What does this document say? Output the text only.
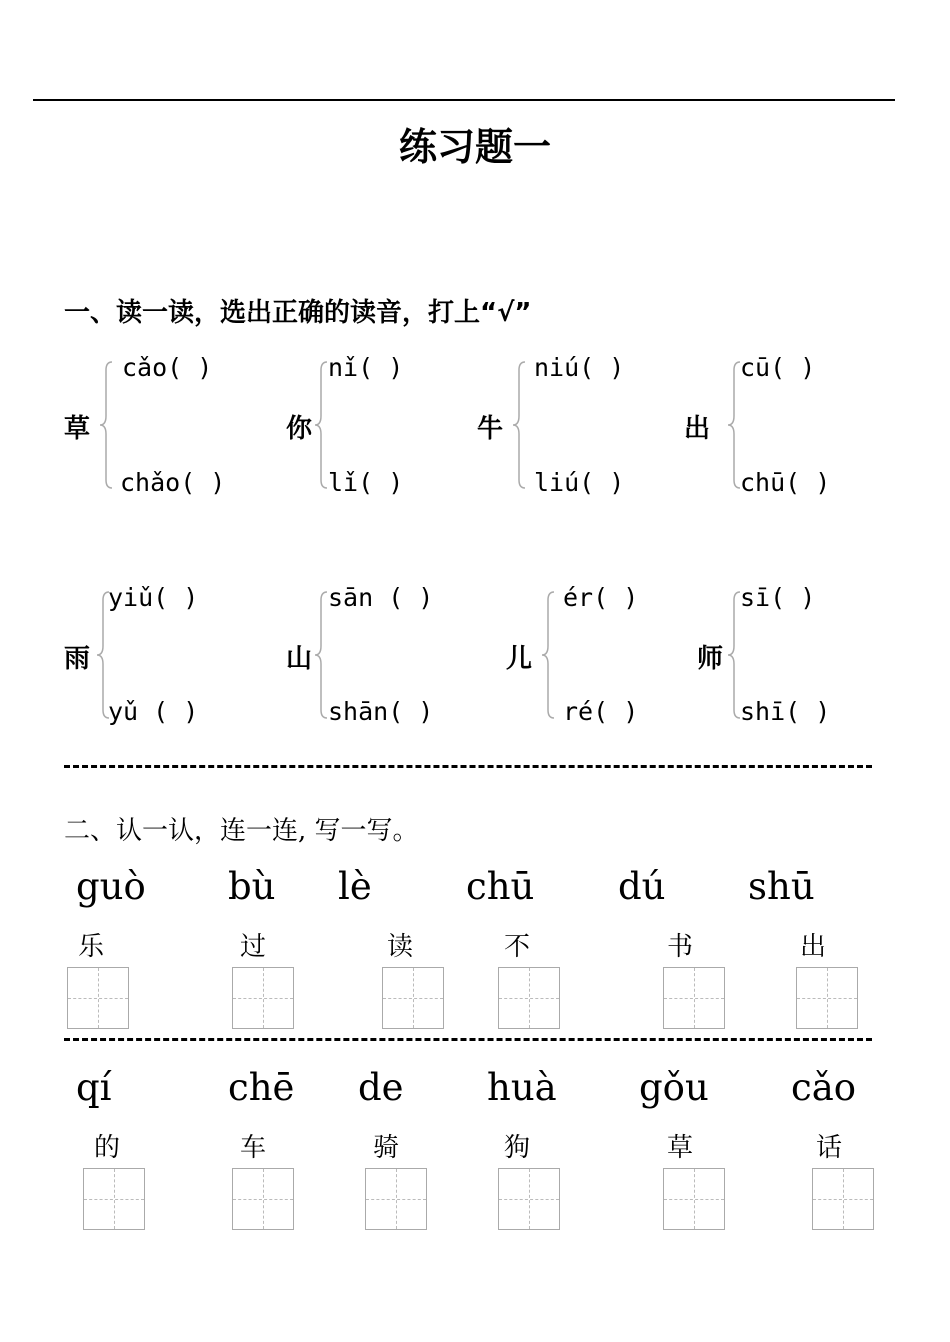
练习题一
一、读一读，选出正确的读音，打上“√”
草
cǎo( )
chǎo( )
你
nǐ( )
lǐ( )
牛
niú( )
liú( )
出
cū( )
chū( )
雨
yiǔ( )
yǔ ( )
山
sān ( )
shān( )
儿
ér( )
ré( )
师
sī( )
shī( )
二、认一认，连一连, 写一写。
guò bù lè	chū dú shū
乐	过	读	不	书	出
qí	chē de huà gǒu cǎo
的	车	骑	狗	草	话
